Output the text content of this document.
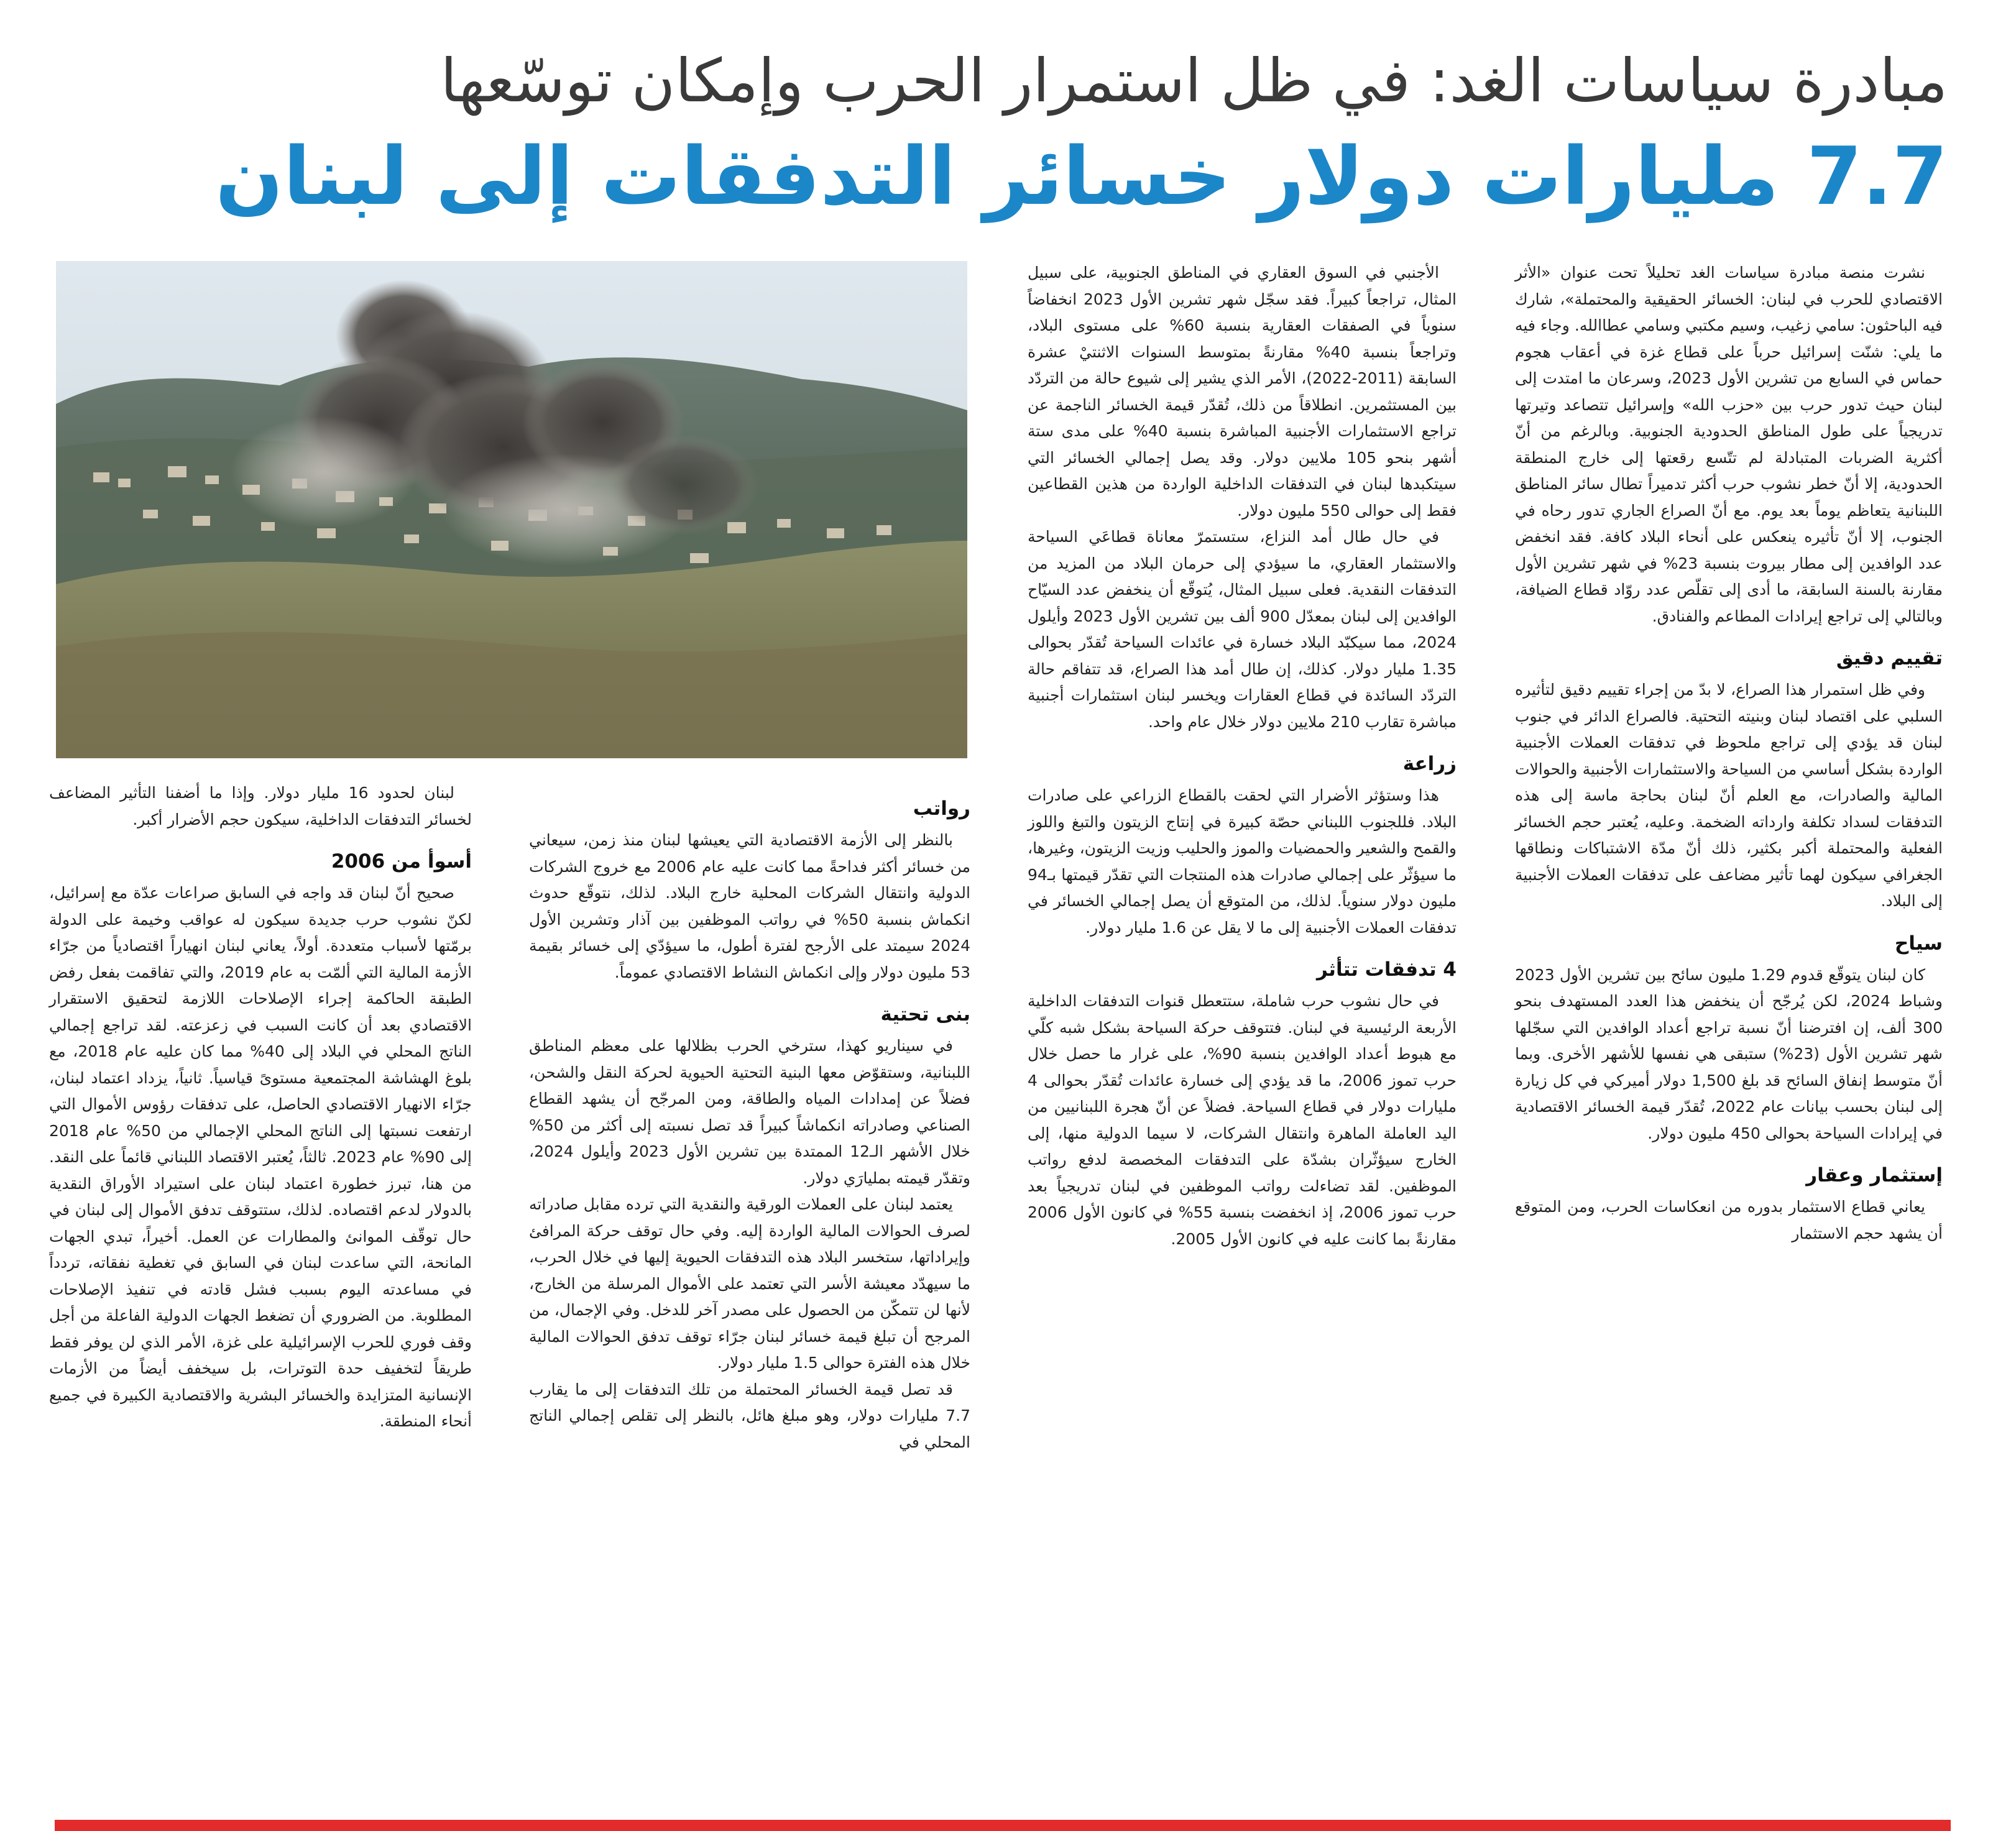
مبادرة سياسات الغد: في ظل استمرار الحرب وإمكان توسّعها
7.7 مليارات دولار خسائر التدفقات إلى لبنان

نشرت منصة مبادرة سياسات الغد تحليلاً تحت عنوان «الأثر الاقتصادي للحرب في لبنان: الخسائر الحقيقية والمحتملة»، شارك فيه الباحثون: سامي زغيب، وسيم مكتبي وسامي عطاالله. وجاء فيه ما يلي: شنّت إسرائيل حرباً على قطاع غزة في أعقاب هجوم حماس في السابع من تشرين الأول 2023، وسرعان ما امتدت إلى لبنان حيث تدور حرب بين «حزب الله» وإسرائيل تتصاعد وتيرتها تدريجياً على طول المناطق الحدودية الجنوبية. وبالرغم من أنّ أكثرية الضربات المتبادلة لم تتّسع رقعتها إلى خارج المنطقة الحدودية، إلا أنّ خطر نشوب حرب أكثر تدميراً تطال سائر المناطق اللبنانية يتعاظم يوماً بعد يوم. مع أنّ الصراع الجاري تدور رحاه في الجنوب، إلا أنّ تأثيره ينعكس على أنحاء البلاد كافة. فقد انخفض عدد الوافدين إلى مطار بيروت بنسبة 23% في شهر تشرين الأول مقارنة بالسنة السابقة، ما أدى إلى تقلّص عدد روّاد قطاع الضيافة، وبالتالي إلى تراجع إيرادات المطاعم والفنادق.

تقييم دقيق

وفي ظل استمرار هذا الصراع، لا بدّ من إجراء تقييم دقيق لتأثيره السلبي على اقتصاد لبنان وبنيته التحتية. فالصراع الدائر في جنوب لبنان قد يؤدي إلى تراجع ملحوظ في تدفقات العملات الأجنبية الواردة بشكل أساسي من السياحة والاستثمارات الأجنبية والحوالات المالية والصادرات، مع العلم أنّ لبنان بحاجة ماسة إلى هذه التدفقات لسداد تكلفة وارداته الضخمة. وعليه، يُعتبر حجم الخسائر الفعلية والمحتملة أكبر بكثير، ذلك أنّ مدّة الاشتباكات ونطاقها الجغرافي سيكون لهما تأثير مضاعف على تدفقات العملات الأجنبية إلى البلاد.

سياح

كان لبنان يتوقّع قدوم 1.29 مليون سائح بين تشرين الأول 2023 وشباط 2024، لكن يُرجّح أن ينخفض هذا العدد المستهدف بنحو 300 ألف، إن افترضنا أنّ نسبة تراجع أعداد الوافدين التي سجّلها شهر تشرين الأول (23%) ستبقى هي نفسها للأشهر الأخرى. وبما أنّ متوسط إنفاق السائح قد بلغ 1,500 دولار أميركي في كل زيارة إلى لبنان بحسب بيانات عام 2022، تُقدّر قيمة الخسائر الاقتصادية في إيرادات السياحة بحوالى 450 مليون دولار.

إستثمار وعقار

يعاني قطاع الاستثمار بدوره من انعكاسات الحرب، ومن المتوقع أن يشهد حجم الاستثمار

الأجنبي في السوق العقاري في المناطق الجنوبية، على سبيل المثال، تراجعاً كبيراً. فقد سجّل شهر تشرين الأول 2023 انخفاضاً سنوياً في الصفقات العقارية بنسبة 60% على مستوى البلاد، وتراجعاً بنسبة 40% مقارنةً بمتوسط السنوات الاثنتيْ عشرة السابقة (2011-2022)، الأمر الذي يشير إلى شيوع حالة من التردّد بين المستثمرين. انطلاقاً من ذلك، تُقدّر قيمة الخسائر الناجمة عن تراجع الاستثمارات الأجنبية المباشرة بنسبة 40% على مدى ستة أشهر بنحو 105 ملايين دولار. وقد يصل إجمالي الخسائر التي سيتكبدها لبنان في التدفقات الداخلية الواردة من هذين القطاعين فقط إلى حوالى 550 مليون دولار.

في حال طال أمد النزاع، ستستمرّ معاناة قطاعَي السياحة والاستثمار العقاري، ما سيؤدي إلى حرمان البلاد من المزيد من التدفقات النقدية. فعلى سبيل المثال، يُتوقّع أن ينخفض عدد السيّاح الوافدين إلى لبنان بمعدّل 900 ألف بين تشرين الأول 2023 وأيلول 2024، مما سيكبّد البلاد خسارة في عائدات السياحة تُقدّر بحوالى 1.35 مليار دولار. كذلك، إن طال أمد هذا الصراع، قد تتفاقم حالة التردّد السائدة في قطاع العقارات ويخسر لبنان استثمارات أجنبية مباشرة تقارب 210 ملايين دولار خلال عام واحد.

زراعة

هذا وستؤثر الأضرار التي لحقت بالقطاع الزراعي على صادرات البلاد. فللجنوب اللبناني حصّة كبيرة في إنتاج الزيتون والتبغ واللوز والقمح والشعير والحمضيات والموز والحليب وزيت الزيتون، وغيرها، ما سيؤثّر على إجمالي صادرات هذه المنتجات التي تقدّر قيمتها بـ94 مليون دولار سنوياً. لذلك، من المتوقع أن يصل إجمالي الخسائر في تدفقات العملات الأجنبية إلى ما لا يقل عن 1.6 مليار دولار.

4 تدفقات تتأثر

في حال نشوب حرب شاملة، ستتعطل قنوات التدفقات الداخلية الأربعة الرئيسية في لبنان. فتتوقف حركة السياحة بشكل شبه كلّي مع هبوط أعداد الوافدين بنسبة 90%، على غرار ما حصل خلال حرب تموز 2006، ما قد يؤدي إلى خسارة عائدات تُقدّر بحوالى 4 مليارات دولار في قطاع السياحة. فضلاً عن أنّ هجرة اللبنانيين من اليد العاملة الماهرة وانتقال الشركات، لا سيما الدولية منها، إلى الخارج سيؤثّران بشدّة على التدفقات المخصصة لدفع رواتب الموظفين. لقد تضاءلت رواتب الموظفين في لبنان تدريجياً بعد حرب تموز 2006، إذ انخفضت بنسبة 55% في كانون الأول 2006 مقارنةً بما كانت عليه في كانون الأول 2005.

رواتب

بالنظر إلى الأزمة الاقتصادية التي يعيشها لبنان منذ زمن، سيعاني من خسائر أكثر فداحةً مما كانت عليه عام 2006 مع خروج الشركات الدولية وانتقال الشركات المحلية خارج البلاد. لذلك، نتوقّع حدوث انكماش بنسبة 50% في رواتب الموظفين بين آذار وتشرين الأول 2024 سيمتد على الأرجح لفترة أطول، ما سيؤدّي إلى خسائر بقيمة 53 مليون دولار وإلى انكماش النشاط الاقتصادي عموماً.

بنى تحتية

في سيناريو كهذا، سترخي الحرب بظلالها على معظم المناطق اللبنانية، وستقوّض معها البنية التحتية الحيوية لحركة النقل والشحن، فضلاً عن إمدادات المياه والطاقة، ومن المرجّح أن يشهد القطاع الصناعي وصادراته انكماشاً كبيراً قد تصل نسبته إلى أكثر من 50% خلال الأشهر الـ12 الممتدة بين تشرين الأول 2023 وأيلول 2024، وتقدّر قيمته بمليارَي دولار.

يعتمد لبنان على العملات الورقية والنقدية التي ترده مقابل صادراته لصرف الحوالات المالية الواردة إليه. وفي حال توقف حركة المرافئ وإيراداتها، ستخسر البلاد هذه التدفقات الحيوية إليها في خلال الحرب، ما سيهدّد معيشة الأسر التي تعتمد على الأموال المرسلة من الخارج، لأنها لن تتمكّن من الحصول على مصدر آخر للدخل. وفي الإجمال، من المرجح أن تبلغ قيمة خسائر لبنان جرّاء توقف تدفق الحوالات المالية خلال هذه الفترة حوالى 1.5 مليار دولار.

قد تصل قيمة الخسائر المحتملة من تلك التدفقات إلى ما يقارب 7.7 مليارات دولار، وهو مبلغ هائل، بالنظر إلى تقلص إجمالي الناتج المحلي في

لبنان لحدود 16 مليار دولار. وإذا ما أضفنا التأثير المضاعف لخسائر التدفقات الداخلية، سيكون حجم الأضرار أكبر.

أسوأ من 2006

صحيح أنّ لبنان قد واجه في السابق صراعات عدّة مع إسرائيل، لكنّ نشوب حرب جديدة سيكون له عواقب وخيمة على الدولة برمّتها لأسباب متعددة. أولاً، يعاني لبنان انهياراً اقتصادياً من جرّاء الأزمة المالية التي ألمّت به عام 2019، والتي تفاقمت بفعل رفض الطبقة الحاكمة إجراء الإصلاحات اللازمة لتحقيق الاستقرار الاقتصادي بعد أن كانت السبب في زعزعته. لقد تراجع إجمالي الناتج المحلي في البلاد إلى 40% مما كان عليه عام 2018، مع بلوغ الهشاشة المجتمعية مستوىً قياسياً. ثانياً، يزداد اعتماد لبنان، جرّاء الانهيار الاقتصادي الحاصل، على تدفقات رؤوس الأموال التي ارتفعت نسبتها إلى الناتج المحلي الإجمالي من 50% عام 2018 إلى 90% عام 2023. ثالثاً، يُعتبر الاقتصاد اللبناني قائماً على النقد. من هنا، تبرز خطورة اعتماد لبنان على استيراد الأوراق النقدية بالدولار لدعم اقتصاده. لذلك، ستتوقف تدفق الأموال إلى لبنان في حال توقّف الموانئ والمطارات عن العمل. أخيراً، تبدي الجهات المانحة، التي ساعدت لبنان في السابق في تغطية نفقاته، تردداً في مساعدته اليوم بسبب فشل قادته في تنفيذ الإصلاحات المطلوبة. من الضروري أن تضغط الجهات الدولية الفاعلة من أجل وقف فوري للحرب الإسرائيلية على غزة، الأمر الذي لن يوفر فقط طريقاً لتخفيف حدة التوترات، بل سيخفف أيضاً من الأزمات الإنسانية المتزايدة والخسائر البشرية والاقتصادية الكبيرة في جميع أنحاء المنطقة.
